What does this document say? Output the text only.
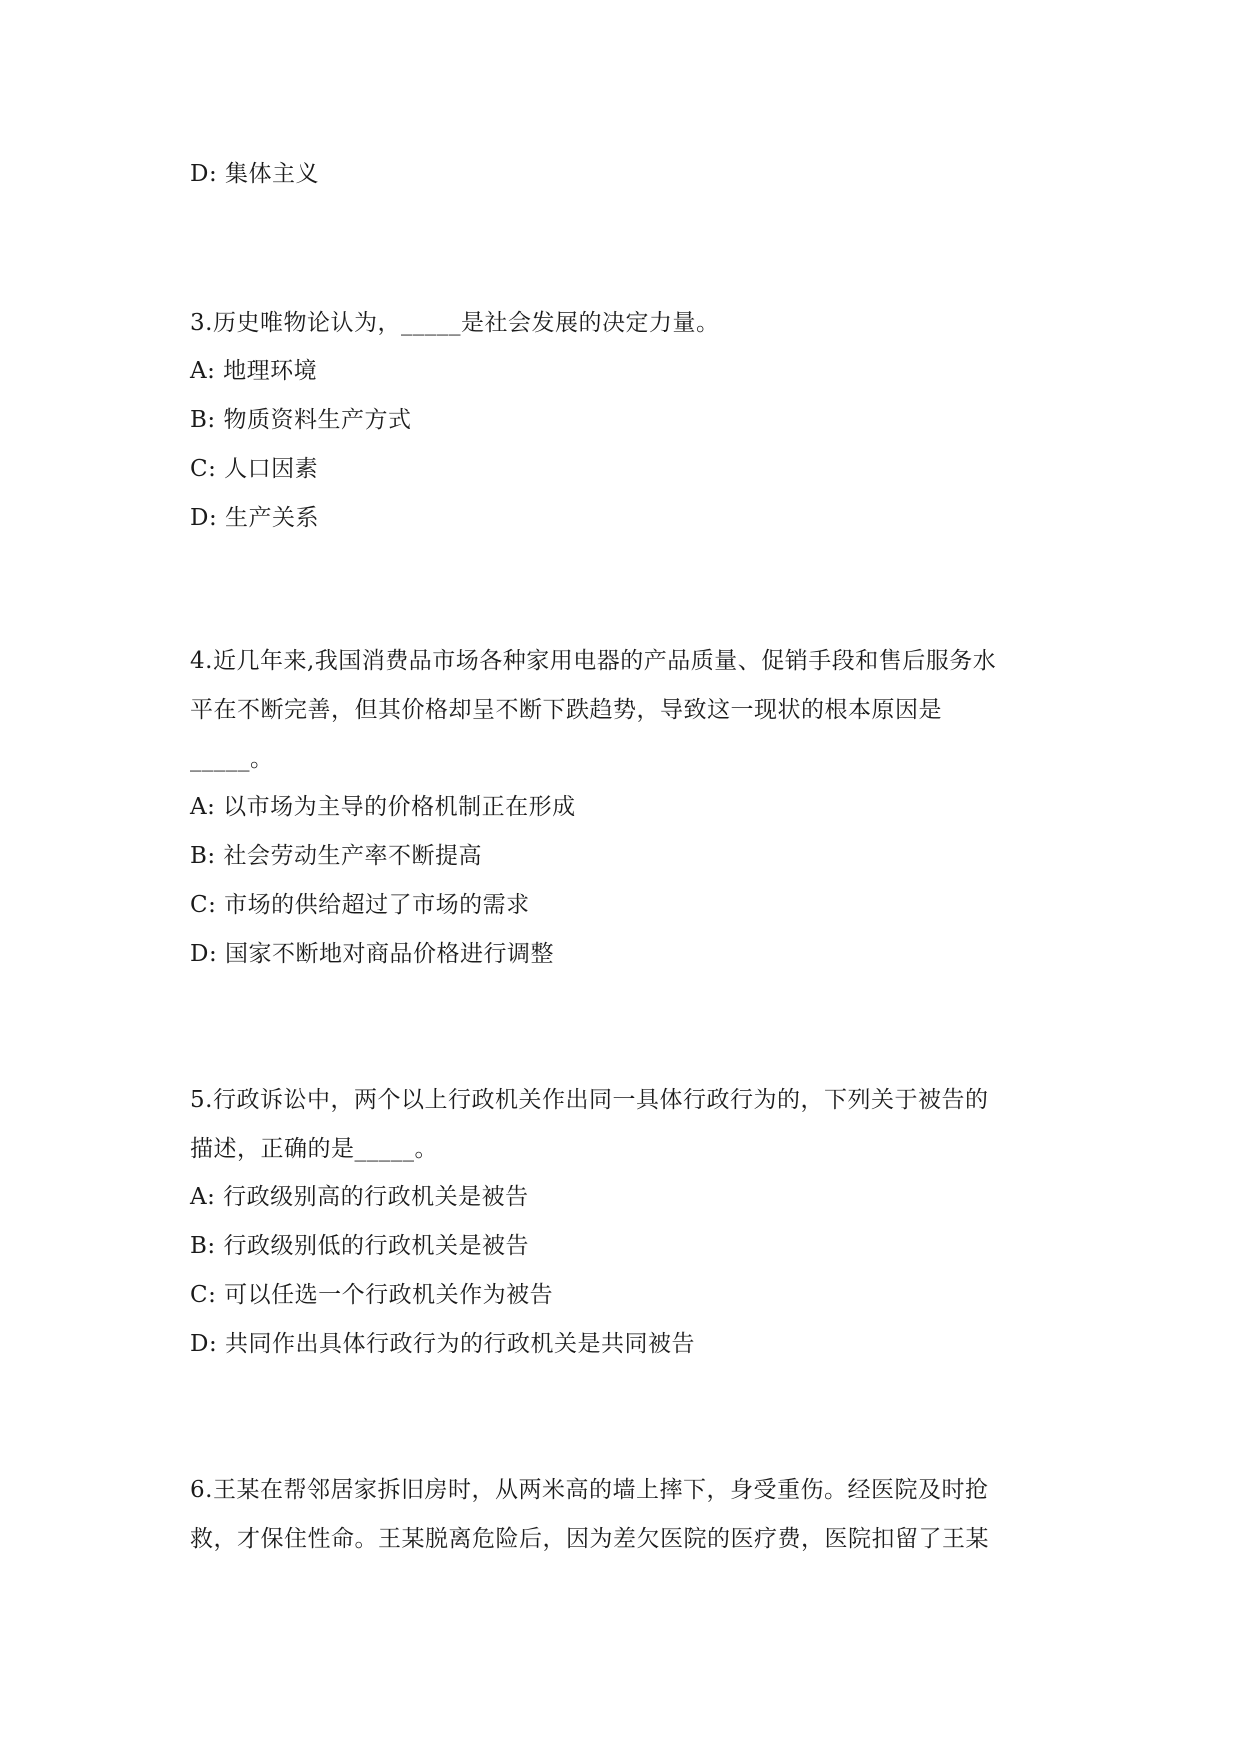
D: 集体主义
3.历史唯物论认为，_____是社会发展的决定力量。
A: 地理环境
B: 物质资料生产方式
C: 人口因素
D: 生产关系
4.近几年来,我国消费品市场各种家用电器的产品质量、促销手段和售后服务水
平在不断完善，但其价格却呈不断下跌趋势，导致这一现状的根本原因是
_____。
A: 以市场为主导的价格机制正在形成
B: 社会劳动生产率不断提高
C: 市场的供给超过了市场的需求
D: 国家不断地对商品价格进行调整
5.行政诉讼中，两个以上行政机关作出同一具体行政行为的，下列关于被告的
描述，正确的是_____。
A: 行政级别高的行政机关是被告
B: 行政级别低的行政机关是被告
C: 可以任选一个行政机关作为被告
D: 共同作出具体行政行为的行政机关是共同被告
6.王某在帮邻居家拆旧房时，从两米高的墙上摔下，身受重伤。经医院及时抢
救，才保住性命。王某脱离危险后，因为差欠医院的医疗费，医院扣留了王某
